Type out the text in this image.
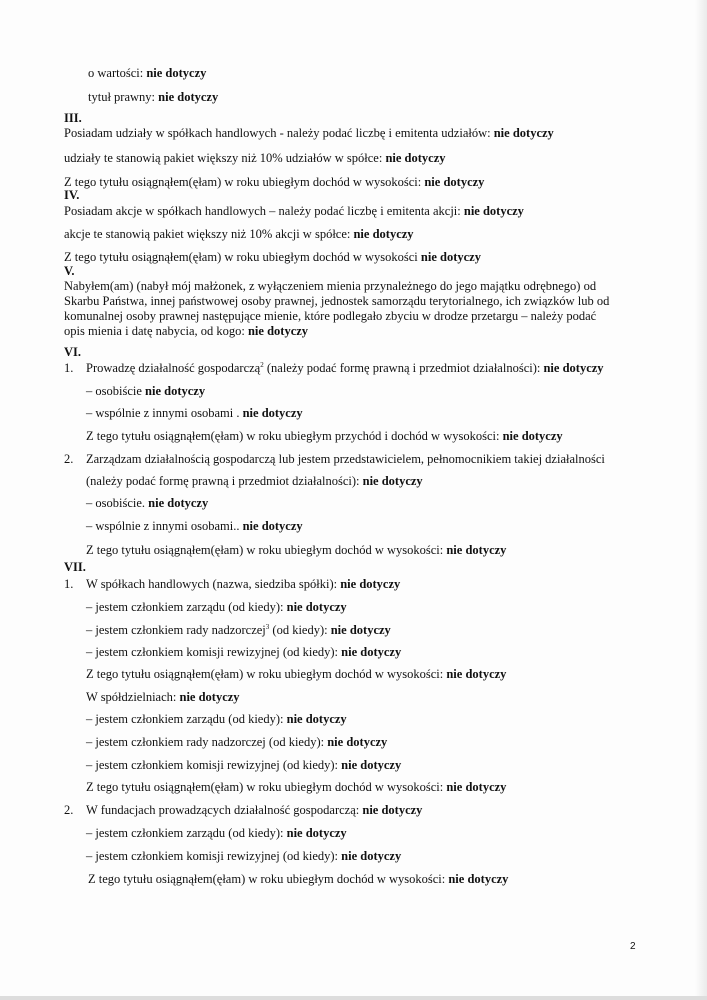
o wartości: nie dotyczy
tytuł prawny: nie dotyczy
III.
Posiadam udziały w spółkach handlowych - należy podać liczbę i emitenta udziałów: nie dotyczy
udziały te stanowią pakiet większy niż 10% udziałów w spółce: nie dotyczy
Z tego tytułu osiągnąłem(ęłam) w roku ubiegłym dochód w wysokości: nie dotyczy
IV.
Posiadam akcje w spółkach handlowych – należy podać liczbę i emitenta akcji: nie dotyczy
akcje te stanowią pakiet większy niż 10% akcji w spółce: nie dotyczy
Z tego tytułu osiągnąłem(ęłam) w roku ubiegłym dochód w wysokości nie dotyczy
V.
Nabyłem(am) (nabył mój małżonek, z wyłączeniem mienia przynależnego do jego majątku odrębnego) od
Skarbu Państwa, innej państwowej osoby prawnej, jednostek samorządu terytorialnego, ich związków lub od
komunalnej osoby prawnej następujące mienie, które podlegało zbyciu w drodze przetargu – należy podać
opis mienia i datę nabycia, od kogo: nie dotyczy
VI.
1. Prowadzę działalność gospodarczą$^2$ (należy podać formę prawną i przedmiot działalności): nie dotyczy
– osobiście nie dotyczy
– wspólnie z innymi osobami . nie dotyczy
Z tego tytułu osiągnąłem(ęłam) w roku ubiegłym przychód i dochód w wysokości: nie dotyczy
2. Zarządzam działalnością gospodarczą lub jestem przedstawicielem, pełnomocnikiem takiej działalności
(należy podać formę prawną i przedmiot działalności): nie dotyczy
– osobiście. nie dotyczy
– wspólnie z innymi osobami.. nie dotyczy
Z tego tytułu osiągnąłem(ęłam) w roku ubiegłym dochód w wysokości: nie dotyczy
VII.
1. W spółkach handlowych (nazwa, siedziba spółki): nie dotyczy
– jestem członkiem zarządu (od kiedy): nie dotyczy
– jestem członkiem rady nadzorczej$^3$ (od kiedy): nie dotyczy
– jestem członkiem komisji rewizyjnej (od kiedy): nie dotyczy
Z tego tytułu osiągnąłem(ęłam) w roku ubiegłym dochód w wysokości: nie dotyczy
W spółdzielniach: nie dotyczy
– jestem członkiem zarządu (od kiedy): nie dotyczy
– jestem członkiem rady nadzorczej (od kiedy): nie dotyczy
– jestem członkiem komisji rewizyjnej (od kiedy): nie dotyczy
Z tego tytułu osiągnąłem(ęłam) w roku ubiegłym dochód w wysokości: nie dotyczy
2. W fundacjach prowadzących działalność gospodarczą: nie dotyczy
– jestem członkiem zarządu (od kiedy): nie dotyczy
– jestem członkiem komisji rewizyjnej (od kiedy): nie dotyczy
Z tego tytułu osiągnąłem(ęłam) w roku ubiegłym dochód w wysokości: nie dotyczy
2
